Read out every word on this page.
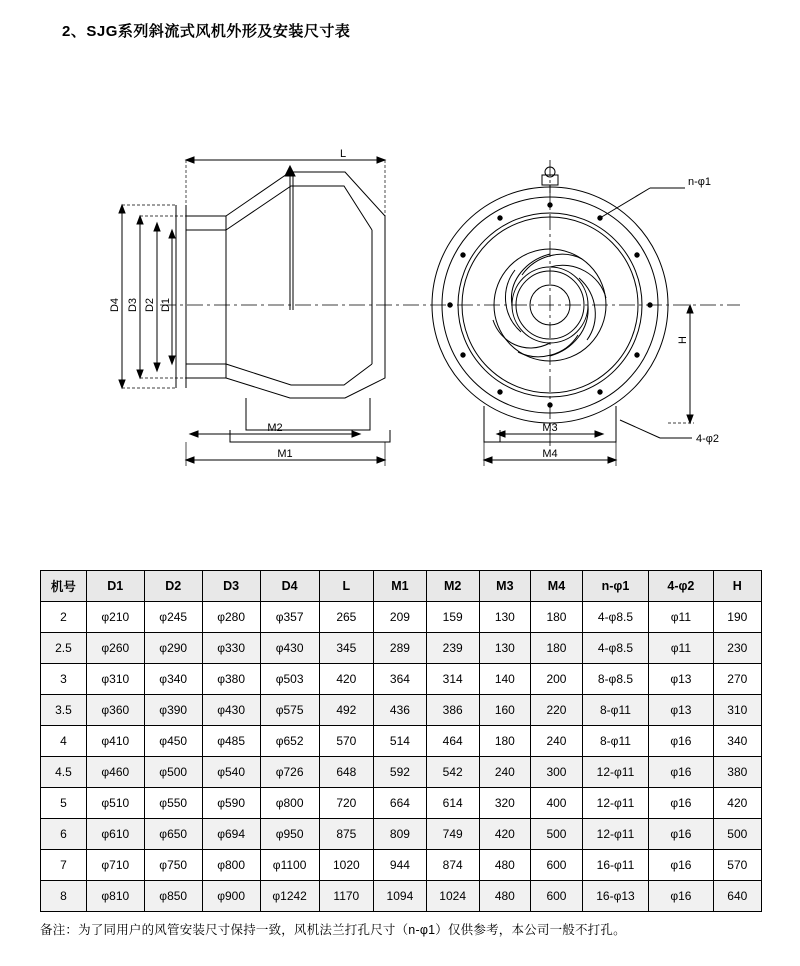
2、SJG系列斜流式风机外形及安装尺寸表
L
D4 D3 D2 D1
M2
M1
M3
M4
H
n-φ1
4-φ2
机号	D1	D2	D3	D4	L	M1	M2	M3	M4	n-φ1	4-φ2	H
2	φ210	φ245	φ280	φ357	265	209	159	130	180	4-φ8.5	φ11	190
2.5	φ260	φ290	φ330	φ430	345	289	239	130	180	4-φ8.5	φ11	230
3	φ310	φ340	φ380	φ503	420	364	314	140	200	8-φ8.5	φ13	270
3.5	φ360	φ390	φ430	φ575	492	436	386	160	220	8-φ11	φ13	310
4	φ410	φ450	φ485	φ652	570	514	464	180	240	8-φ11	φ16	340
4.5	φ460	φ500	φ540	φ726	648	592	542	240	300	12-φ11	φ16	380
5	φ510	φ550	φ590	φ800	720	664	614	320	400	12-φ11	φ16	420
6	φ610	φ650	φ694	φ950	875	809	749	420	500	12-φ11	φ16	500
7	φ710	φ750	φ800	φ1100	1020	944	874	480	600	16-φ11	φ16	570
8	φ810	φ850	φ900	φ1242	1170	1094	1024	480	600	16-φ13	φ16	640
备注：为了同用户的风管安装尺寸保持一致，风机法兰打孔尺寸（n-φ1）仅供参考，本公司一般不打孔。
